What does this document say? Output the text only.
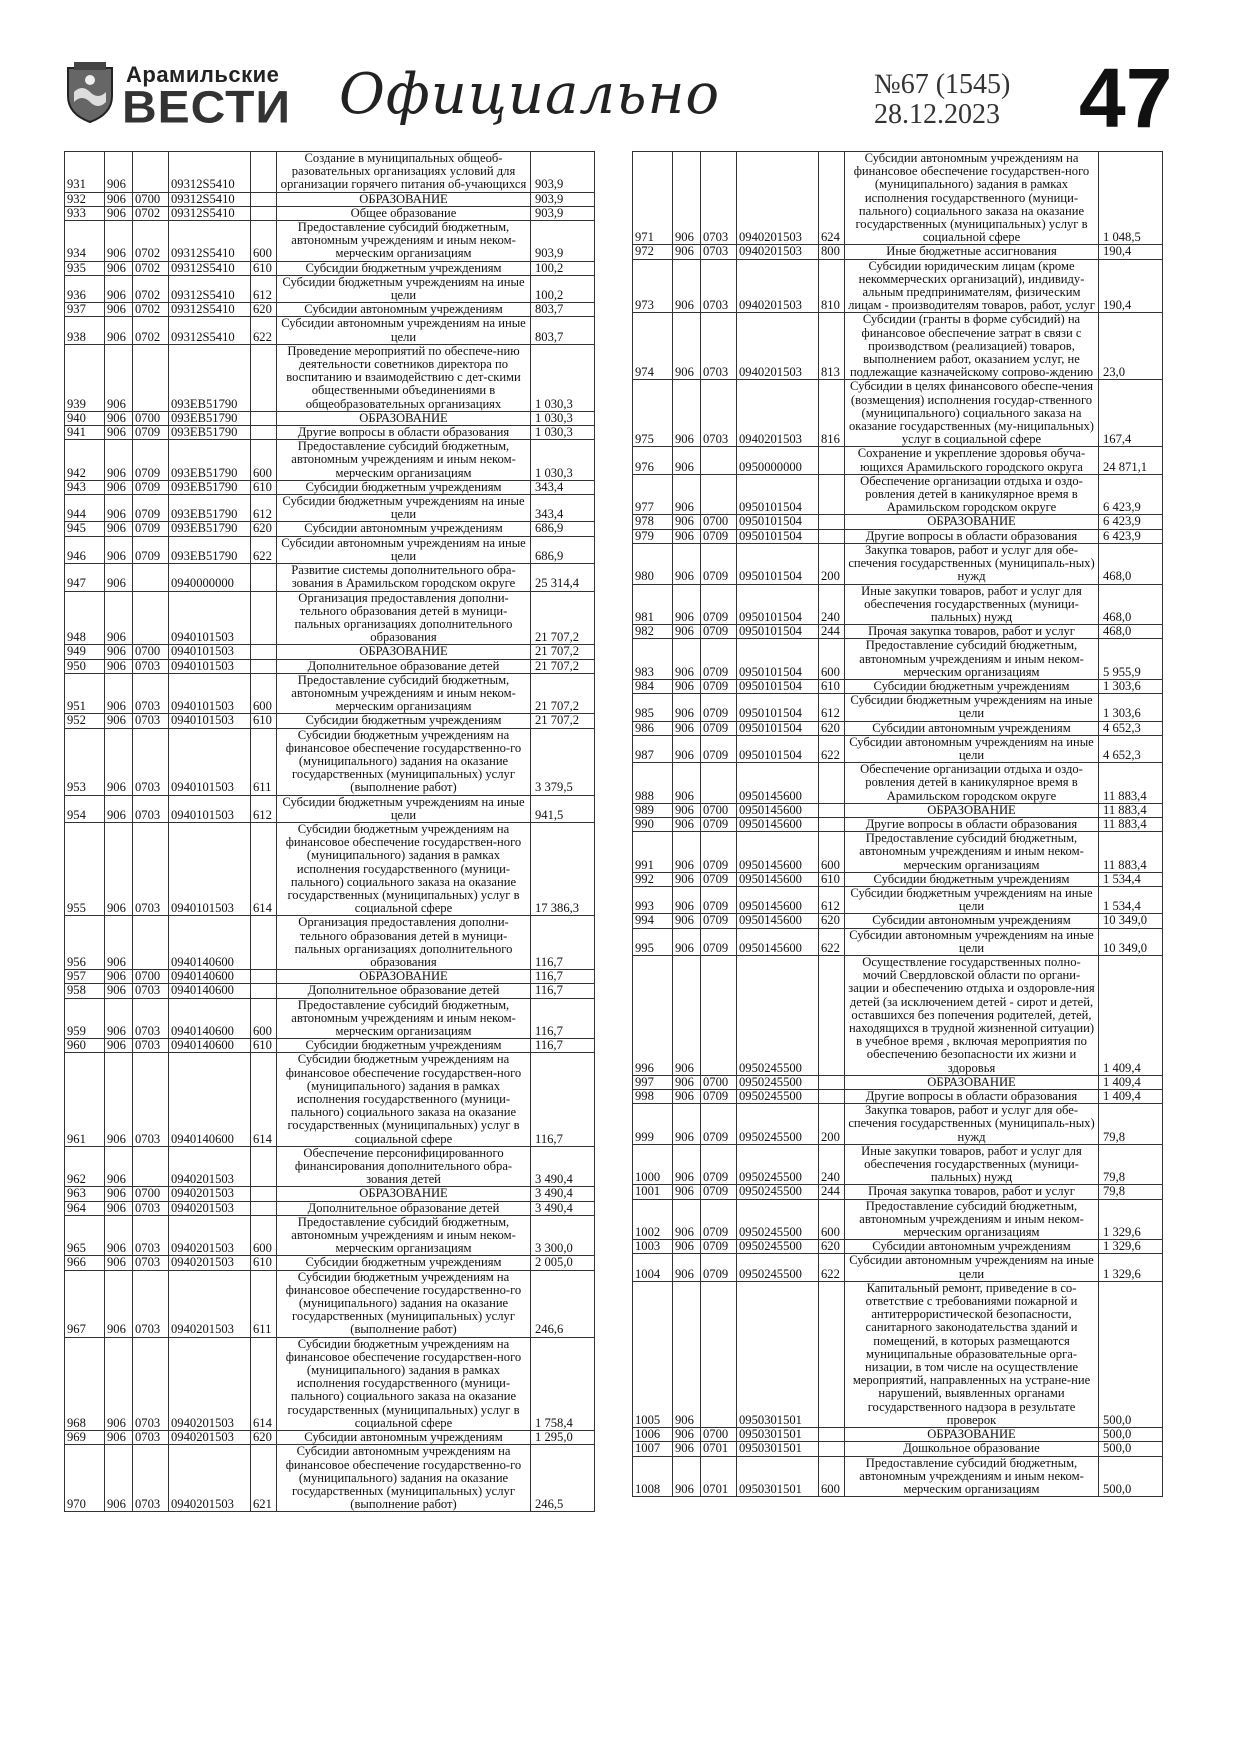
Арамильские
ВЕСТИ Официально	№67 (1545)
28.12.2023 47
931	906		09312S5410		Создание в муниципальных общеоб-разовательных организациях условий для организации горячего питания об-учающихся	903,9
932	906	0700	09312S5410		ОБРАЗОВАНИЕ	903,9
933	906	0702	09312S5410		Общее образование	903,9
934	906	0702	09312S5410	600	Предоставление субсидий бюджетным, автономным учреждениям и иным неком-мерческим организациям	903,9
935	906	0702	09312S5410	610	Субсидии бюджетным учреждениям	100,2
936	906	0702	09312S5410	612	Субсидии бюджетным учреждениям на иные цели	100,2
937	906	0702	09312S5410	620	Субсидии автономным учреждениям	803,7
938	906	0702	09312S5410	622	Субсидии автономным учреждениям на иные цели	803,7
939	906		093EB51790		Проведение мероприятий по обеспече-нию деятельности советников директора по воспитанию и взаимодействию с дет-скими общественными объединениями в общеобразовательных организациях	1 030,3
940	906	0700	093EB51790		ОБРАЗОВАНИЕ	1 030,3
941	906	0709	093EB51790		Другие вопросы в области образования	1 030,3
942	906	0709	093EB51790	600	Предоставление субсидий бюджетным, автономным учреждениям и иным неком-мерческим организациям	1 030,3
943	906	0709	093EB51790	610	Субсидии бюджетным учреждениям	343,4
944	906	0709	093EB51790	612	Субсидии бюджетным учреждениям на иные цели	343,4
945	906	0709	093EB51790	620	Субсидии автономным учреждениям	686,9
946	906	0709	093EB51790	622	Субсидии автономным учреждениям на иные цели	686,9
947	906		0940000000		Развитие системы дополнительного обра-зования в Арамильском городском округе	25 314,4
948	906		0940101503		Организация предоставления дополни-тельного образования детей в муници-пальных организациях дополнительного образования	21 707,2
949	906	0700	0940101503		ОБРАЗОВАНИЕ	21 707,2
950	906	0703	0940101503		Дополнительное образование детей	21 707,2
951	906	0703	0940101503	600	Предоставление субсидий бюджетным, автономным учреждениям и иным неком-мерческим организациям	21 707,2
952	906	0703	0940101503	610	Субсидии бюджетным учреждениям	21 707,2
953	906	0703	0940101503	611	Субсидии бюджетным учреждениям на финансовое обеспечение государственно-го (муниципального) задания на оказание государственных (муниципальных) услуг (выполнение работ)	3 379,5
954	906	0703	0940101503	612	Субсидии бюджетным учреждениям на иные цели	941,5
955	906	0703	0940101503	614	Субсидии бюджетным учреждениям на финансовое обеспечение государствен-ного (муниципального) задания в рамках исполнения государственного (муници-пального) социального заказа на оказание государственных (муниципальных) услуг в социальной сфере	17 386,3
956	906		0940140600		Организация предоставления дополни-тельного образования детей в муници-пальных организациях дополнительного образования	116,7
957	906	0700	0940140600		ОБРАЗОВАНИЕ	116,7
958	906	0703	0940140600		Дополнительное образование детей	116,7
959	906	0703	0940140600	600	Предоставление субсидий бюджетным, автономным учреждениям и иным неком-мерческим организациям	116,7
960	906	0703	0940140600	610	Субсидии бюджетным учреждениям	116,7
961	906	0703	0940140600	614	Субсидии бюджетным учреждениям на финансовое обеспечение государствен-ного (муниципального) задания в рамках исполнения государственного (муници-пального) социального заказа на оказание государственных (муниципальных) услуг в социальной сфере	116,7
962	906		0940201503		Обеспечение персонифицированного финансирования дополнительного обра-зования детей	3 490,4
963	906	0700	0940201503		ОБРАЗОВАНИЕ	3 490,4
964	906	0703	0940201503		Дополнительное образование детей	3 490,4
965	906	0703	0940201503	600	Предоставление субсидий бюджетным, автономным учреждениям и иным неком-мерческим организациям	3 300,0
966	906	0703	0940201503	610	Субсидии бюджетным учреждениям	2 005,0
967	906	0703	0940201503	611	Субсидии бюджетным учреждениям на финансовое обеспечение государственно-го (муниципального) задания на оказание государственных (муниципальных) услуг (выполнение работ)	246,6
968	906	0703	0940201503	614	Субсидии бюджетным учреждениям на финансовое обеспечение государствен-ного (муниципального) задания в рамках исполнения государственного (муници-пального) социального заказа на оказание государственных (муниципальных) услуг в социальной сфере	1 758,4
969	906	0703	0940201503	620	Субсидии автономным учреждениям	1 295,0
970	906	0703	0940201503	621	Субсидии автономным учреждениям на финансовое обеспечение государственно-го (муниципального) задания на оказание государственных (муниципальных) услуг (выполнение работ)	246,5
971	906	0703	0940201503	624	Субсидии автономным учреждениям на финансовое обеспечение государствен-ного (муниципального) задания в рамках исполнения государственного (муници-пального) социального заказа на оказание государственных (муниципальных) услуг в социальной сфере	1 048,5
972	906	0703	0940201503	800	Иные бюджетные ассигнования	190,4
973	906	0703	0940201503	810	Субсидии юридическим лицам (кроме некоммерческих организаций), индивиду-альным предпринимателям, физическим лицам - производителям товаров, работ, услуг	190,4
974	906	0703	0940201503	813	Субсидии (гранты в форме субсидий) на финансовое обеспечение затрат в связи с производством (реализацией) товаров, выполнением работ, оказанием услуг, не подлежащие казначейскому сопрово-ждению	23,0
975	906	0703	0940201503	816	Субсидии в целях финансового обеспе-чения (возмещения) исполнения государ-ственного (муниципального) социального заказа на оказание государственных (му-ниципальных) услуг в социальной сфере	167,4
976	906		0950000000		Сохранение и укрепление здоровья обуча-ющихся Арамильского городского округа	24 871,1
977	906		0950101504		Обеспечение организации отдыха и оздо-ровления детей в каникулярное время в Арамильском городском округе	6 423,9
978	906	0700	0950101504		ОБРАЗОВАНИЕ	6 423,9
979	906	0709	0950101504		Другие вопросы в области образования	6 423,9
980	906	0709	0950101504	200	Закупка товаров, работ и услуг для обе-спечения государственных (муниципаль-ных) нужд	468,0
981	906	0709	0950101504	240	Иные закупки товаров, работ и услуг для обеспечения государственных (муници-пальных) нужд	468,0
982	906	0709	0950101504	244	Прочая закупка товаров, работ и услуг	468,0
983	906	0709	0950101504	600	Предоставление субсидий бюджетным, автономным учреждениям и иным неком-мерческим организациям	5 955,9
984	906	0709	0950101504	610	Субсидии бюджетным учреждениям	1 303,6
985	906	0709	0950101504	612	Субсидии бюджетным учреждениям на иные цели	1 303,6
986	906	0709	0950101504	620	Субсидии автономным учреждениям	4 652,3
987	906	0709	0950101504	622	Субсидии автономным учреждениям на иные цели	4 652,3
988	906		0950145600		Обеспечение организации отдыха и оздо-ровления детей в каникулярное время в Арамильском городском округе	11 883,4
989	906	0700	0950145600		ОБРАЗОВАНИЕ	11 883,4
990	906	0709	0950145600		Другие вопросы в области образования	11 883,4
991	906	0709	0950145600	600	Предоставление субсидий бюджетным, автономным учреждениям и иным неком-мерческим организациям	11 883,4
992	906	0709	0950145600	610	Субсидии бюджетным учреждениям	1 534,4
993	906	0709	0950145600	612	Субсидии бюджетным учреждениям на иные цели	1 534,4
994	906	0709	0950145600	620	Субсидии автономным учреждениям	10 349,0
995	906	0709	0950145600	622	Субсидии автономным учреждениям на иные цели	10 349,0
996	906		0950245500		Осуществление государственных полно-мочий Свердловской области по органи-зации и обеспечению отдыха и оздоровле-ния детей (за исключением детей - сирот и детей, оставшихся без попечения родителей, детей, находящихся в трудной жизненной ситуации) в учебное время , включая мероприятия по обеспечению безопасности их жизни и здоровья	1 409,4
997	906	0700	0950245500		ОБРАЗОВАНИЕ	1 409,4
998	906	0709	0950245500		Другие вопросы в области образования	1 409,4
999	906	0709	0950245500	200	Закупка товаров, работ и услуг для обе-спечения государственных (муниципаль-ных) нужд	79,8
1000	906	0709	0950245500	240	Иные закупки товаров, работ и услуг для обеспечения государственных (муници-пальных) нужд	79,8
1001	906	0709	0950245500	244	Прочая закупка товаров, работ и услуг	79,8
1002	906	0709	0950245500	600	Предоставление субсидий бюджетным, автономным учреждениям и иным неком-мерческим организациям	1 329,6
1003	906	0709	0950245500	620	Субсидии автономным учреждениям	1 329,6
1004	906	0709	0950245500	622	Субсидии автономным учреждениям на иные цели	1 329,6
1005	906		0950301501		Капитальный ремонт, приведение в со-ответствие с требованиями пожарной и антитеррористической безопасности, санитарного законодательства зданий и помещений, в которых размещаются муниципальные образовательные орга-низации, в том числе на осуществление мероприятий, направленных на устране-ние нарушений, выявленных органами государственного надзора в результате проверок	500,0
1006	906	0700	0950301501		ОБРАЗОВАНИЕ	500,0
1007	906	0701	0950301501		Дошкольное образование	500,0
1008	906	0701	0950301501	600	Предоставление субсидий бюджетным, автономным учреждениям и иным неком-мерческим организациям	500,0
